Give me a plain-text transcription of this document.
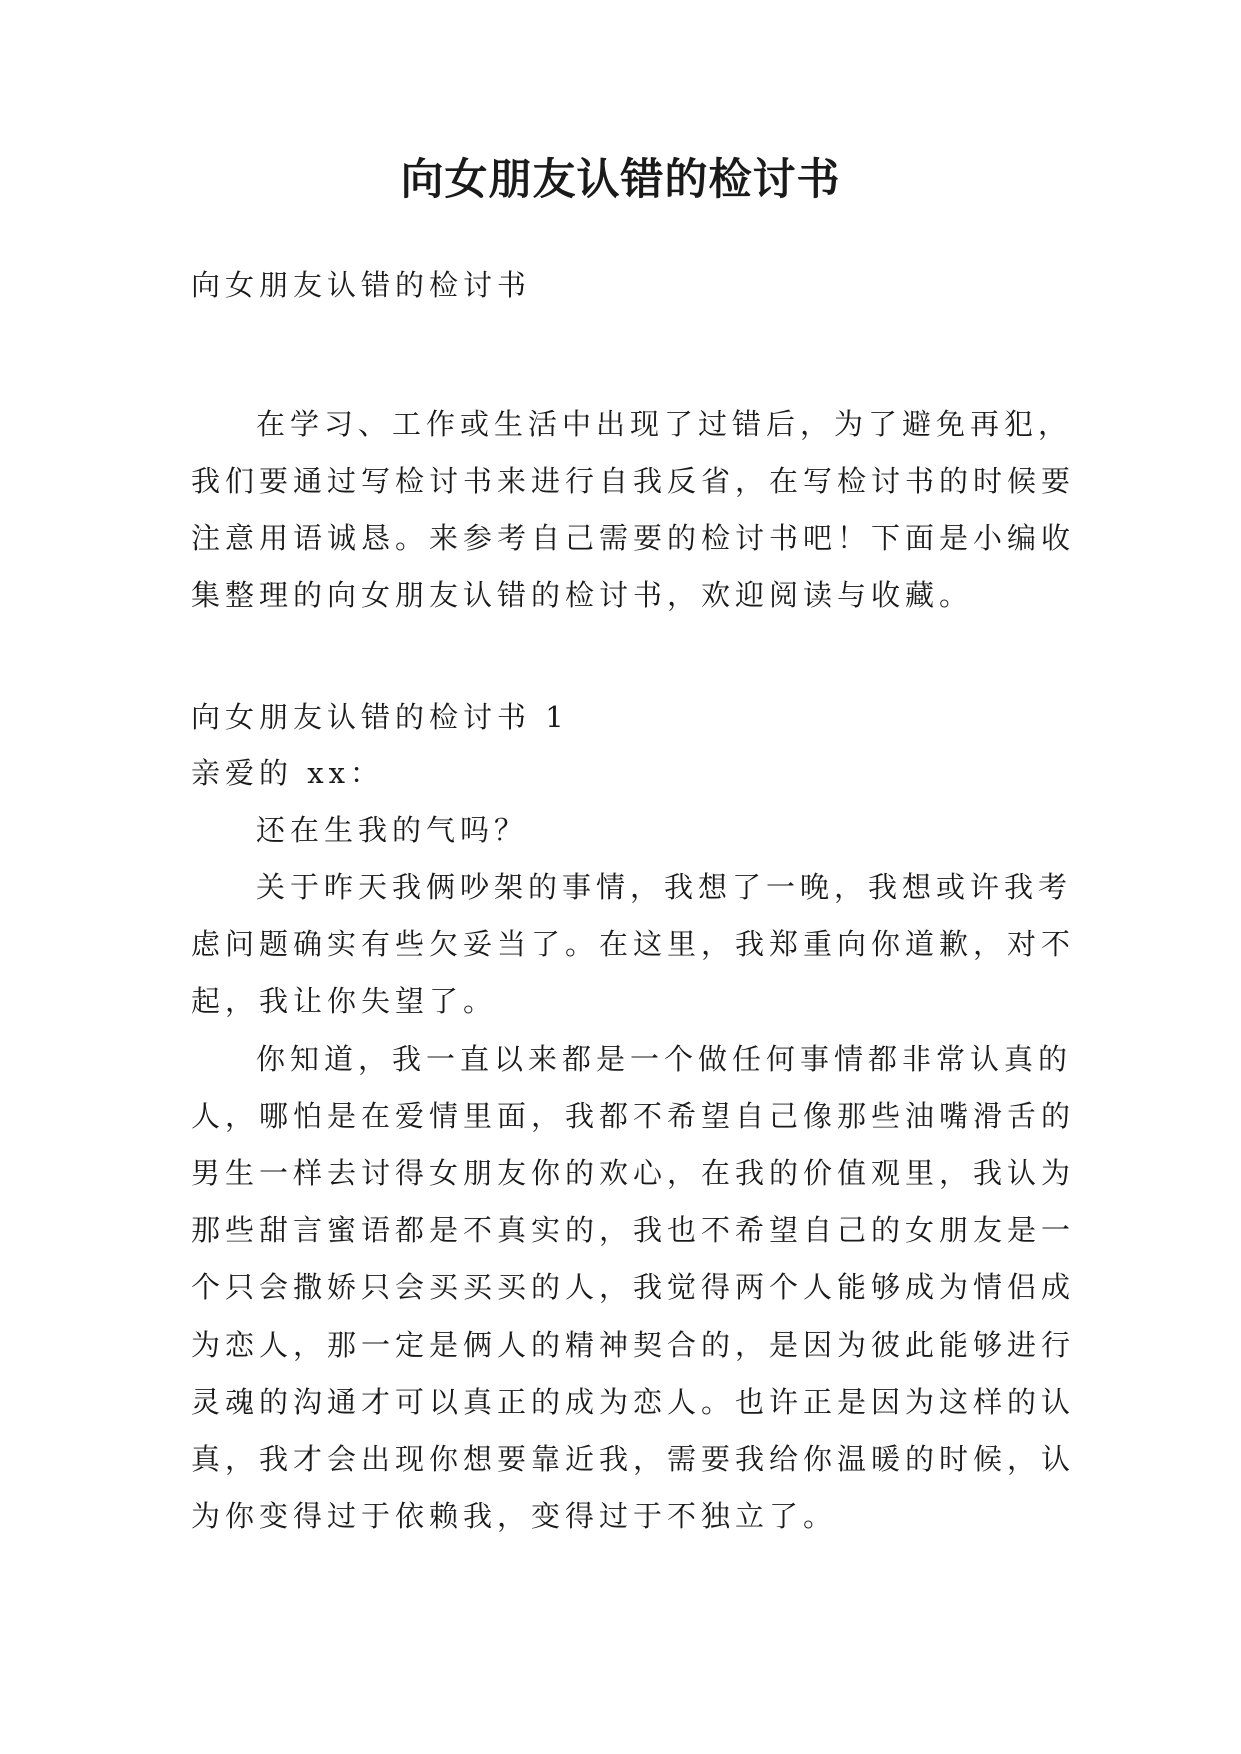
向女朋友认错的检讨书
向女朋友认错的检讨书
在学习、工作或生活中出现了过错后，为了避免再犯，
我们要通过写检讨书来进行自我反省，在写检讨书的时候要
注意用语诚恳。来参考自己需要的检讨书吧！下面是小编收
集整理的向女朋友认错的检讨书，欢迎阅读与收藏。
向女朋友认错的检讨书 1
亲爱的 xx：
还在生我的气吗？
关于昨天我俩吵架的事情，我想了一晚，我想或许我考
虑问题确实有些欠妥当了。在这里，我郑重向你道歉，对不
起，我让你失望了。
你知道，我一直以来都是一个做任何事情都非常认真的
人，哪怕是在爱情里面，我都不希望自己像那些油嘴滑舌的
男生一样去讨得女朋友你的欢心，在我的价值观里，我认为
那些甜言蜜语都是不真实的，我也不希望自己的女朋友是一
个只会撒娇只会买买买的人，我觉得两个人能够成为情侣成
为恋人，那一定是俩人的精神契合的，是因为彼此能够进行
灵魂的沟通才可以真正的成为恋人。也许正是因为这样的认
真，我才会出现你想要靠近我，需要我给你温暖的时候，认
为你变得过于依赖我，变得过于不独立了。
